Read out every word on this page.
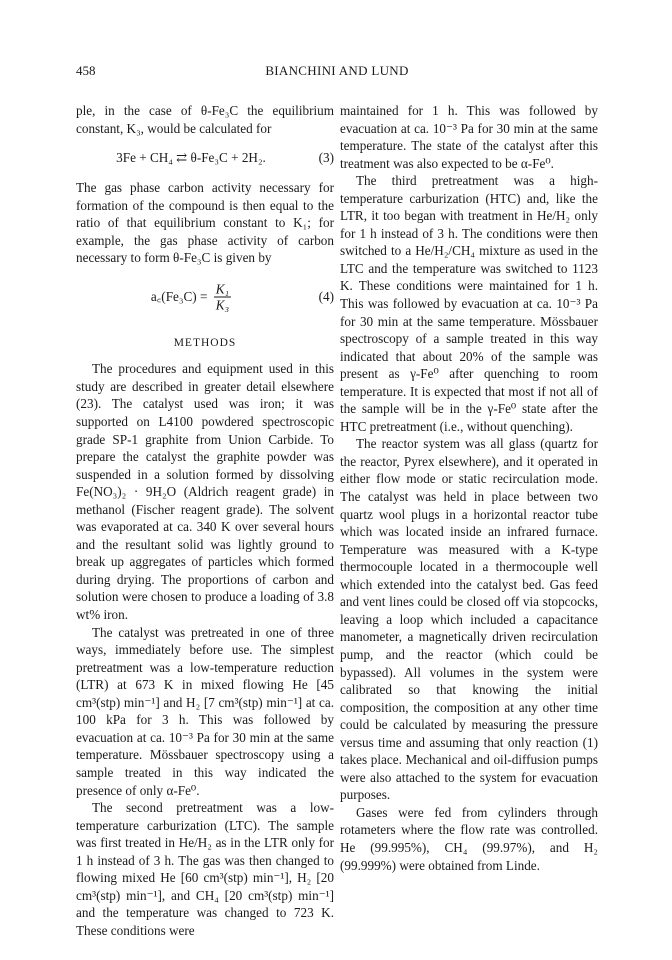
458	BIANCHINI AND LUND

ple, in the case of θ-Fe₃C the equilibrium constant, K₃, would be calculated for

3Fe + CH₄ ⇄ θ-Fe₃C + 2H₂.	(3)

The gas phase carbon activity necessary for formation of the compound is then equal to the ratio of that equilibrium constant to K₁; for example, the gas phase activity of carbon necessary to form θ-Fe₃C is given by

a꜀(Fe₃C) = $\frac{\text{K₁}}{\text{K₃}}$	(4)
METHODS

The procedures and equipment used in this study are described in greater detail elsewhere (23). The catalyst used was iron; it was supported on L4100 powdered spectroscopic grade SP-1 graphite from Union Carbide. To prepare the catalyst the graphite powder was suspended in a solution formed by dissolving Fe(NO₃)₂ · 9H₂O (Aldrich reagent grade) in methanol (Fischer reagent grade). The solvent was evaporated at ca. 340 K over several hours and the resultant solid was lightly ground to break up aggregates of particles which formed during drying. The proportions of carbon and solution were chosen to produce a loading of 3.8 wt% iron.

The catalyst was pretreated in one of three ways, immediately before use. The simplest pretreatment was a low-temperature reduction (LTR) at 673 K in mixed flowing He [45 cm³(stp) min⁻¹] and H₂ [7 cm³(stp) min⁻¹] at ca. 100 kPa for 3 h. This was followed by evacuation at ca. 10⁻³ Pa for 30 min at the same temperature. Mössbauer spectroscopy using a sample treated in this way indicated the presence of only α-Fe⁰.

The second pretreatment was a low-temperature carburization (LTC). The sample was first treated in He/H₂ as in the LTR only for 1 h instead of 3 h. The gas was then changed to flowing mixed He [60 cm³(stp) min⁻¹], H₂ [20 cm³(stp) min⁻¹], and CH₄ [20 cm³(stp) min⁻¹] and the temperature was changed to 723 K. These conditions were

maintained for 1 h. This was followed by evacuation at ca. 10⁻³ Pa for 30 min at the same temperature. The state of the catalyst after this treatment was also expected to be α-Fe⁰.

The third pretreatment was a high-temperature carburization (HTC) and, like the LTR, it too began with treatment in He/H₂ only for 1 h instead of 3 h. The conditions were then switched to a He/H₂/CH₄ mixture as used in the LTC and the temperature was switched to 1123 K. These conditions were maintained for 1 h. This was followed by evacuation at ca. 10⁻³ Pa for 30 min at the same temperature. Mössbauer spectroscopy of a sample treated in this way indicated that about 20% of the sample was present as γ-Fe⁰ after quenching to room temperature. It is expected that most if not all of the sample will be in the γ-Fe⁰ state after the HTC pretreatment (i.e., without quenching).

The reactor system was all glass (quartz for the reactor, Pyrex elsewhere), and it operated in either flow mode or static recirculation mode. The catalyst was held in place between two quartz wool plugs in a horizontal reactor tube which was located inside an infrared furnace. Temperature was measured with a K-type thermocouple located in a thermocouple well which extended into the catalyst bed. Gas feed and vent lines could be closed off via stopcocks, leaving a loop which included a capacitance manometer, a magnetically driven recirculation pump, and the reactor (which could be bypassed). All volumes in the system were calibrated so that knowing the initial composition, the composition at any other time could be calculated by measuring the pressure versus time and assuming that only reaction (1) takes place. Mechanical and oil-diffusion pumps were also attached to the system for evacuation purposes.

Gases were fed from cylinders through rotameters where the flow rate was controlled. He (99.995%), CH₄ (99.97%), and H₂ (99.999%) were obtained from Linde.
